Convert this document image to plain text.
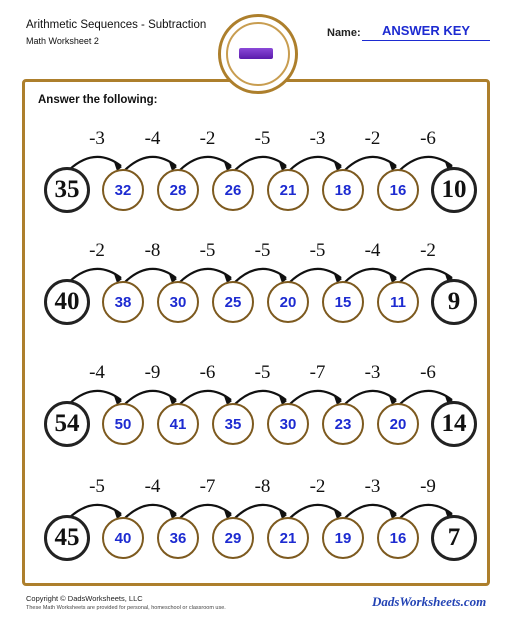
Arithmetic Sequences - Subtraction
Math Worksheet 2
Name:	ANSWER KEY
Answer the following:
-3	-4	-2	-5	-3	-2	-6
35	32	28	26	21	18	16	10
-2	-8	-5	-5	-5	-4	-2
40	38	30	25	20	15	11	9
-4	-9	-6	-5	-7	-3	-6
54	50	41	35	30	23	20	14
-5	-4	-7	-8	-2	-3	-9
45	40	36	29	21	19	16	7
Copyright © DadsWorksheets, LLC
These Math Worksheets are provided for personal, homeschool or classroom use.	DadsWorksheets.com
